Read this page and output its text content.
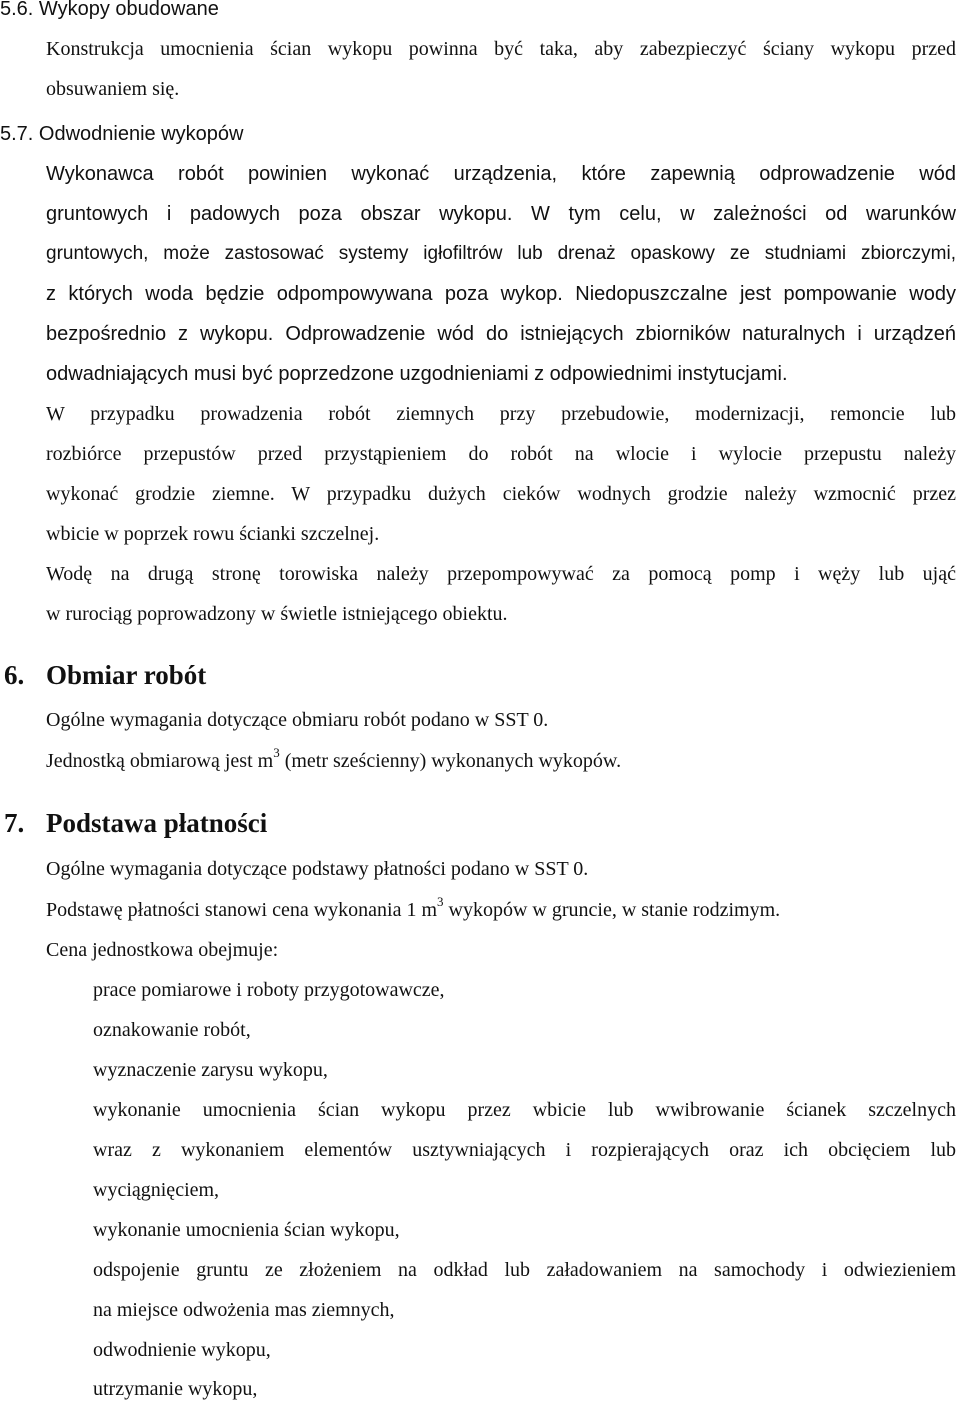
5.6. Wykopy obudowane
Konstrukcja umocnienia ścian wykopu powinna być taka, aby zabezpieczyć ściany wykopu przed
obsuwaniem się.
5.7. Odwodnienie wykopów
Wykonawca robót powinien wykonać urządzenia, które zapewnią odprowadzenie wód
gruntowych i padowych poza obszar wykopu. W tym celu, w zależności od warunków
gruntowych, może zastosować systemy igłofiltrów lub drenaż opaskowy ze studniami zbiorczymi,
z których woda będzie odpompowywana poza wykop. Niedopuszczalne jest pompowanie wody
bezpośrednio z wykopu. Odprowadzenie wód do istniejących zbiorników naturalnych i urządzeń
odwadniających musi być poprzedzone uzgodnieniami z odpowiednimi instytucjami.
W przypadku prowadzenia robót ziemnych przy przebudowie, modernizacji, remoncie lub
rozbiórce przepustów przed przystąpieniem do robót na wlocie i wylocie przepustu należy
wykonać grodzie ziemne. W przypadku dużych cieków wodnych grodzie należy wzmocnić przez
wbicie w poprzek rowu ścianki szczelnej.
Wodę na drugą stronę torowiska należy przepompowywać za pomocą pomp i węży lub ująć
w rurociąg poprowadzony w świetle istniejącego obiektu.
6. Obmiar robót
Ogólne wymagania dotyczące obmiaru robót podano w SST 0.
Jednostką obmiarową jest $m^3$ (metr sześcienny) wykonanych wykopów.
7. Podstawa płatności
Ogólne wymagania dotyczące podstawy płatności podano w SST 0.
Podstawę płatności stanowi cena wykonania 1 $m^3$ wykopów w gruncie, w stanie rodzimym.
Cena jednostkowa obejmuje:
prace pomiarowe i roboty przygotowawcze,
oznakowanie robót,
wyznaczenie zarysu wykopu,
wykonanie umocnienia ścian wykopu przez wbicie lub wwibrowanie ścianek szczelnych
wraz z wykonaniem elementów usztywniających i rozpierających oraz ich obcięciem lub
wyciągnięciem,
wykonanie umocnienia ścian wykopu,
odspojenie gruntu ze złożeniem na odkład lub załadowaniem na samochody i odwiezieniem
na miejsce odwożenia mas ziemnych,
odwodnienie wykopu,
utrzymanie wykopu,
